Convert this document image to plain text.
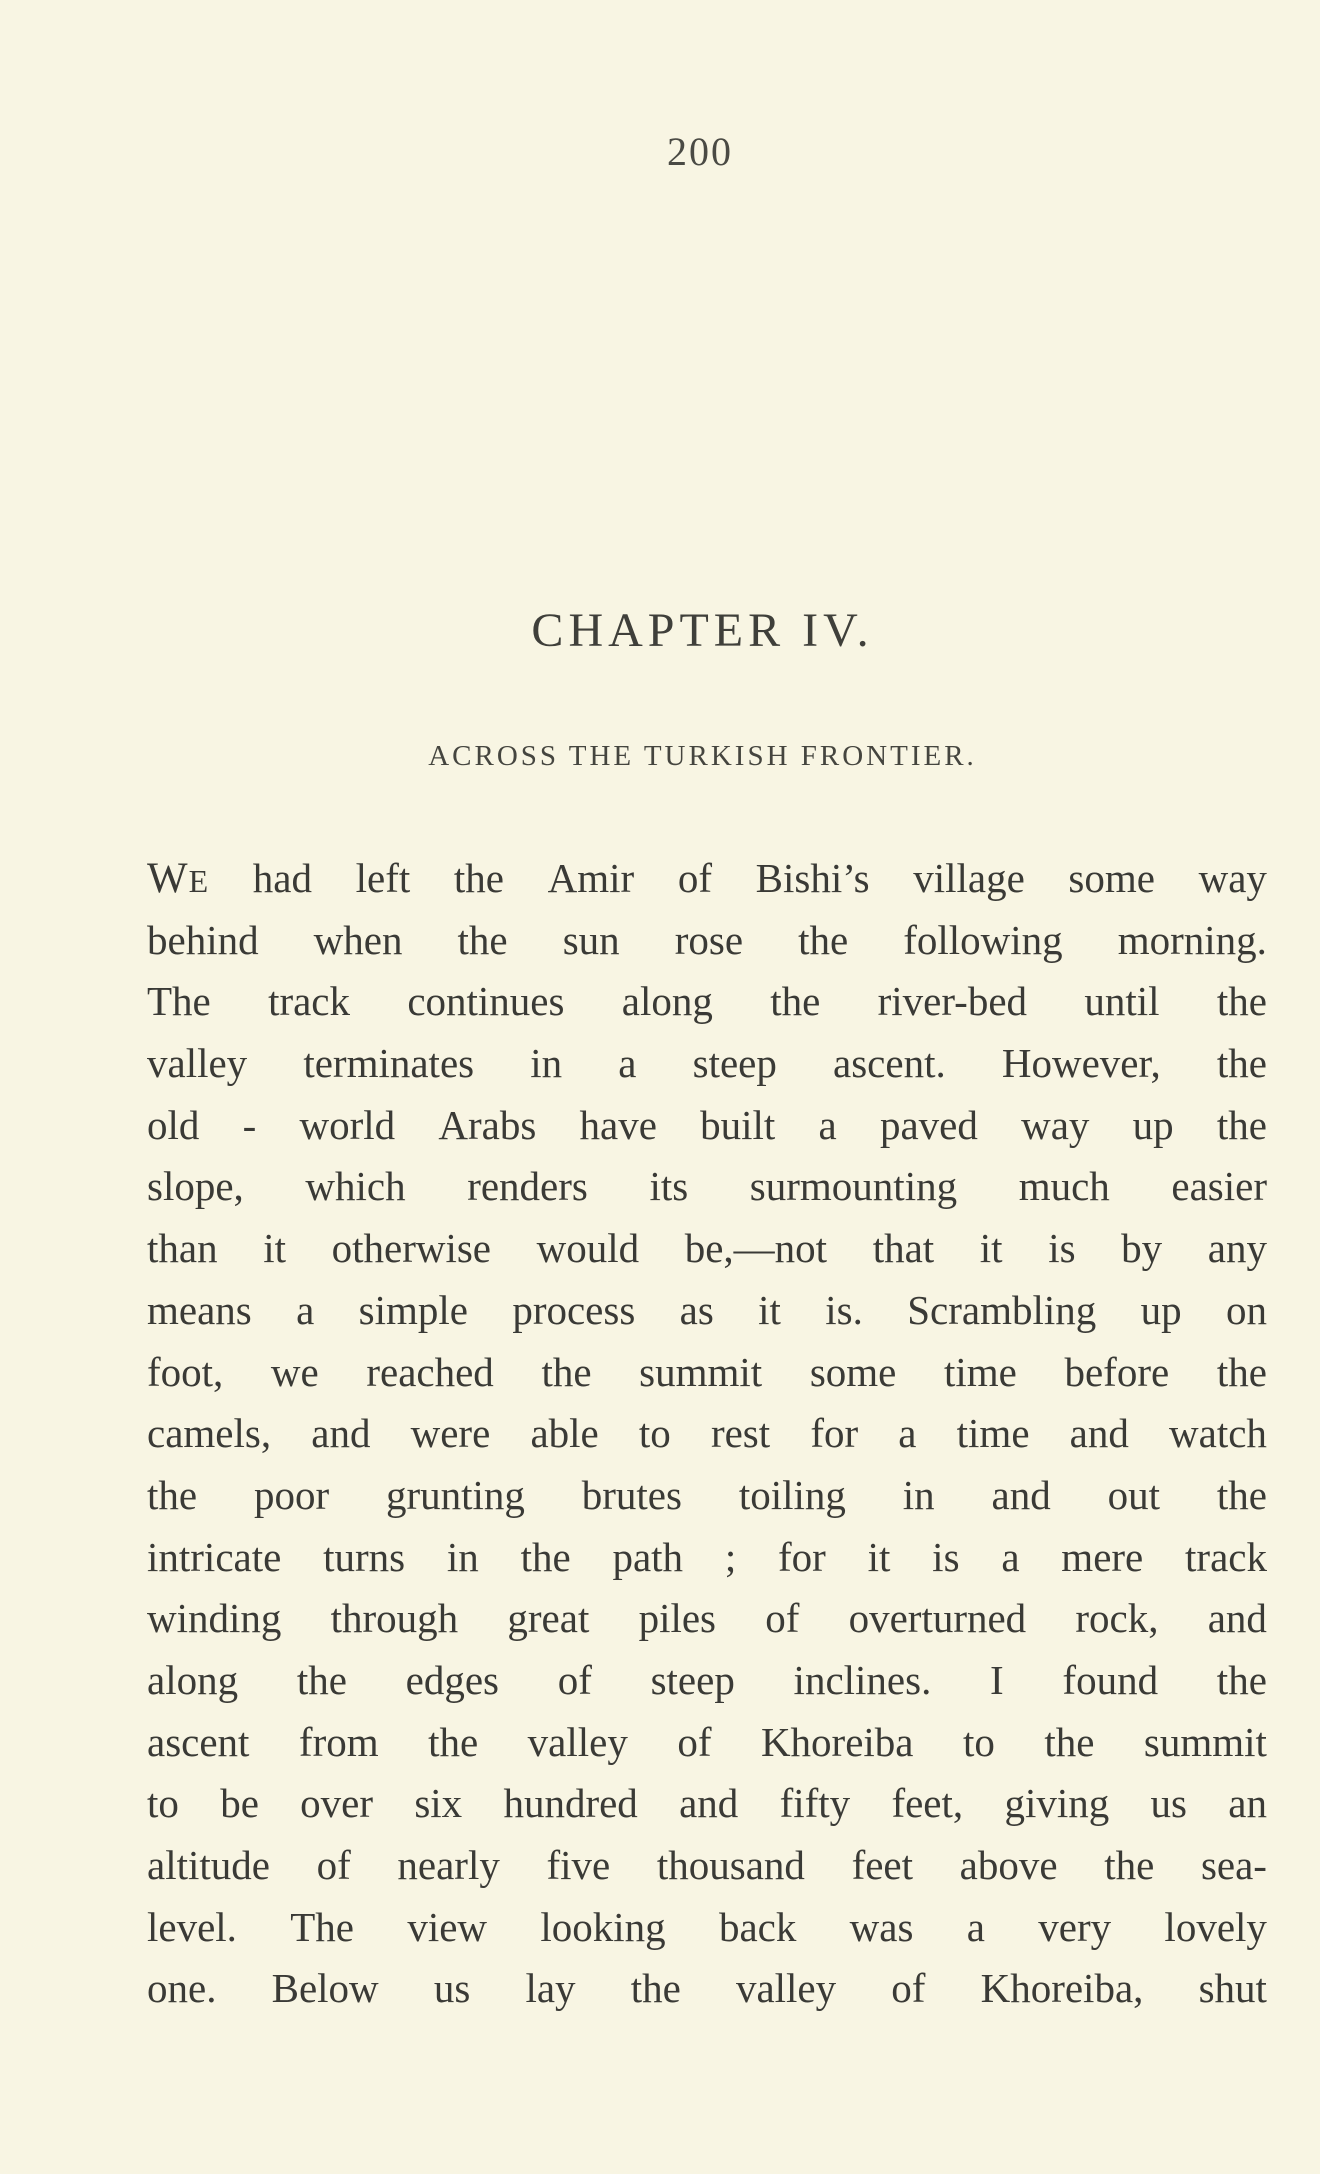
200
CHAPTER IV.
ACROSS THE TURKISH FRONTIER.
WE had left the Amir of Bishi’s village some way
behind when the sun rose the following morning.
The track continues along the river-bed until the
valley terminates in a steep ascent. However, the
old - world Arabs have built a paved way up the
slope, which renders its surmounting much easier
than it otherwise would be,—not that it is by any
means a simple process as it is. Scrambling up on
foot, we reached the summit some time before the
camels, and were able to rest for a time and watch
the poor grunting brutes toiling in and out the
intricate turns in the path ; for it is a mere track
winding through great piles of overturned rock, and
along the edges of steep inclines. I found the
ascent from the valley of Khoreiba to the summit
to be over six hundred and fifty feet, giving us an
altitude of nearly five thousand feet above the sea-
level. The view looking back was a very lovely
one. Below us lay the valley of Khoreiba, shut
